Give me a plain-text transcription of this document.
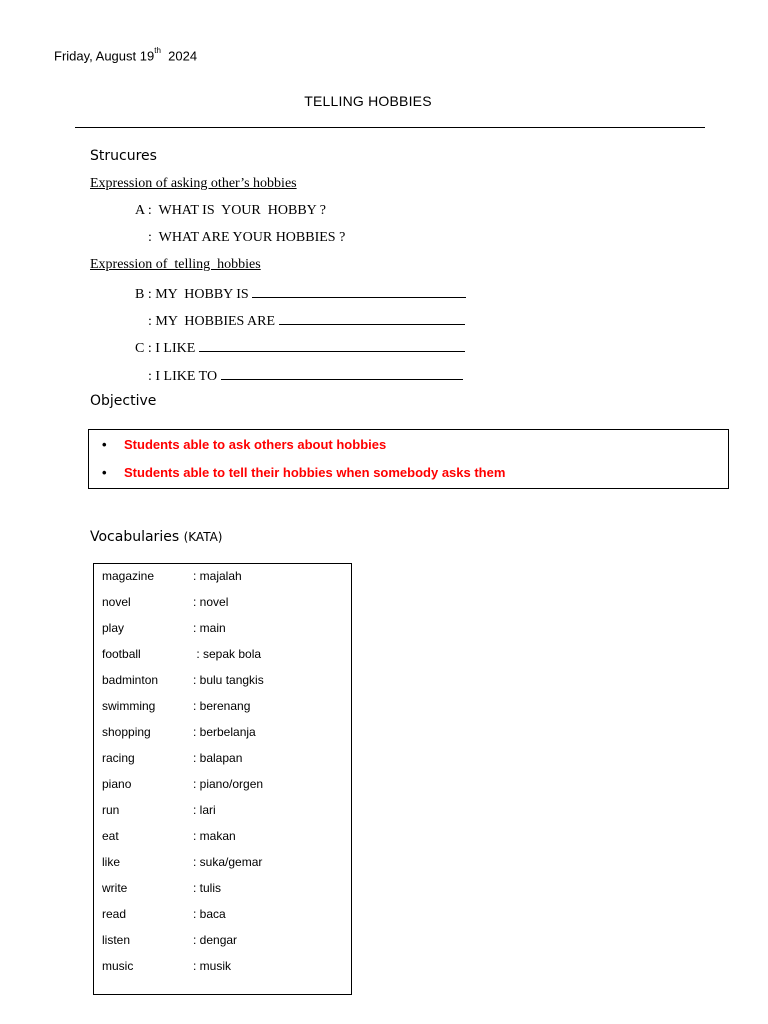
Friday, August 19th 2024
TELLING HOBBIES
Strucures
Expression of asking other’s hobbies
A :  WHAT IS  YOUR  HOBBY ?
:  WHAT ARE YOUR HOBBIES ?
Expression of  telling  hobbies
B : MY  HOBBY IS
: MY  HOBBIES ARE
C : I LIKE
: I LIKE TO
Objective
• Students able to ask others about hobbies
• Students able to tell their hobbies when somebody asks them
Vocabularies (KATA)
magazine	: majalah
novel	: novel
play	: main
football	: sepak bola
badminton	: bulu tangkis
swimming	: berenang
shopping	: berbelanja
racing	: balapan
piano	: piano/orgen
run	: lari
eat	: makan
like	: suka/gemar
write	: tulis
read	: baca
listen	: dengar
music	: musik
